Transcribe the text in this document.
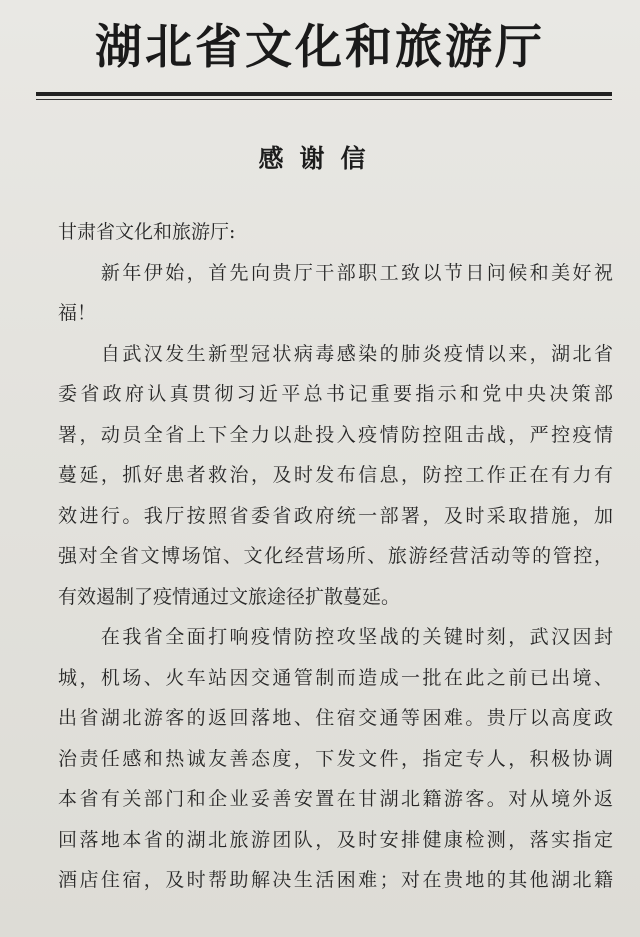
湖北省文化和旅游厅
感谢信
甘肃省文化和旅游厅:
　　新年伊始，首先向贵厅干部职工致以节日问候和美好祝
福！
　　自武汉发生新型冠状病毒感染的肺炎疫情以来，湖北省
委省政府认真贯彻习近平总书记重要指示和党中央决策部
署，动员全省上下全力以赴投入疫情防控阻击战，严控疫情
蔓延，抓好患者救治，及时发布信息，防控工作正在有力有
效进行。我厅按照省委省政府统一部署，及时采取措施，加
强对全省文博场馆、文化经营场所、旅游经营活动等的管控，
有效遏制了疫情通过文旅途径扩散蔓延。
　　在我省全面打响疫情防控攻坚战的关键时刻，武汉因封
城，机场、火车站因交通管制而造成一批在此之前已出境、
出省湖北游客的返回落地、住宿交通等困难。贵厅以高度政
治责任感和热诚友善态度，下发文件，指定专人，积极协调
本省有关部门和企业妥善安置在甘湖北籍游客。对从境外返
回落地本省的湖北旅游团队，及时安排健康检测，落实指定
酒店住宿，及时帮助解决生活困难；对在贵地的其他湖北籍
